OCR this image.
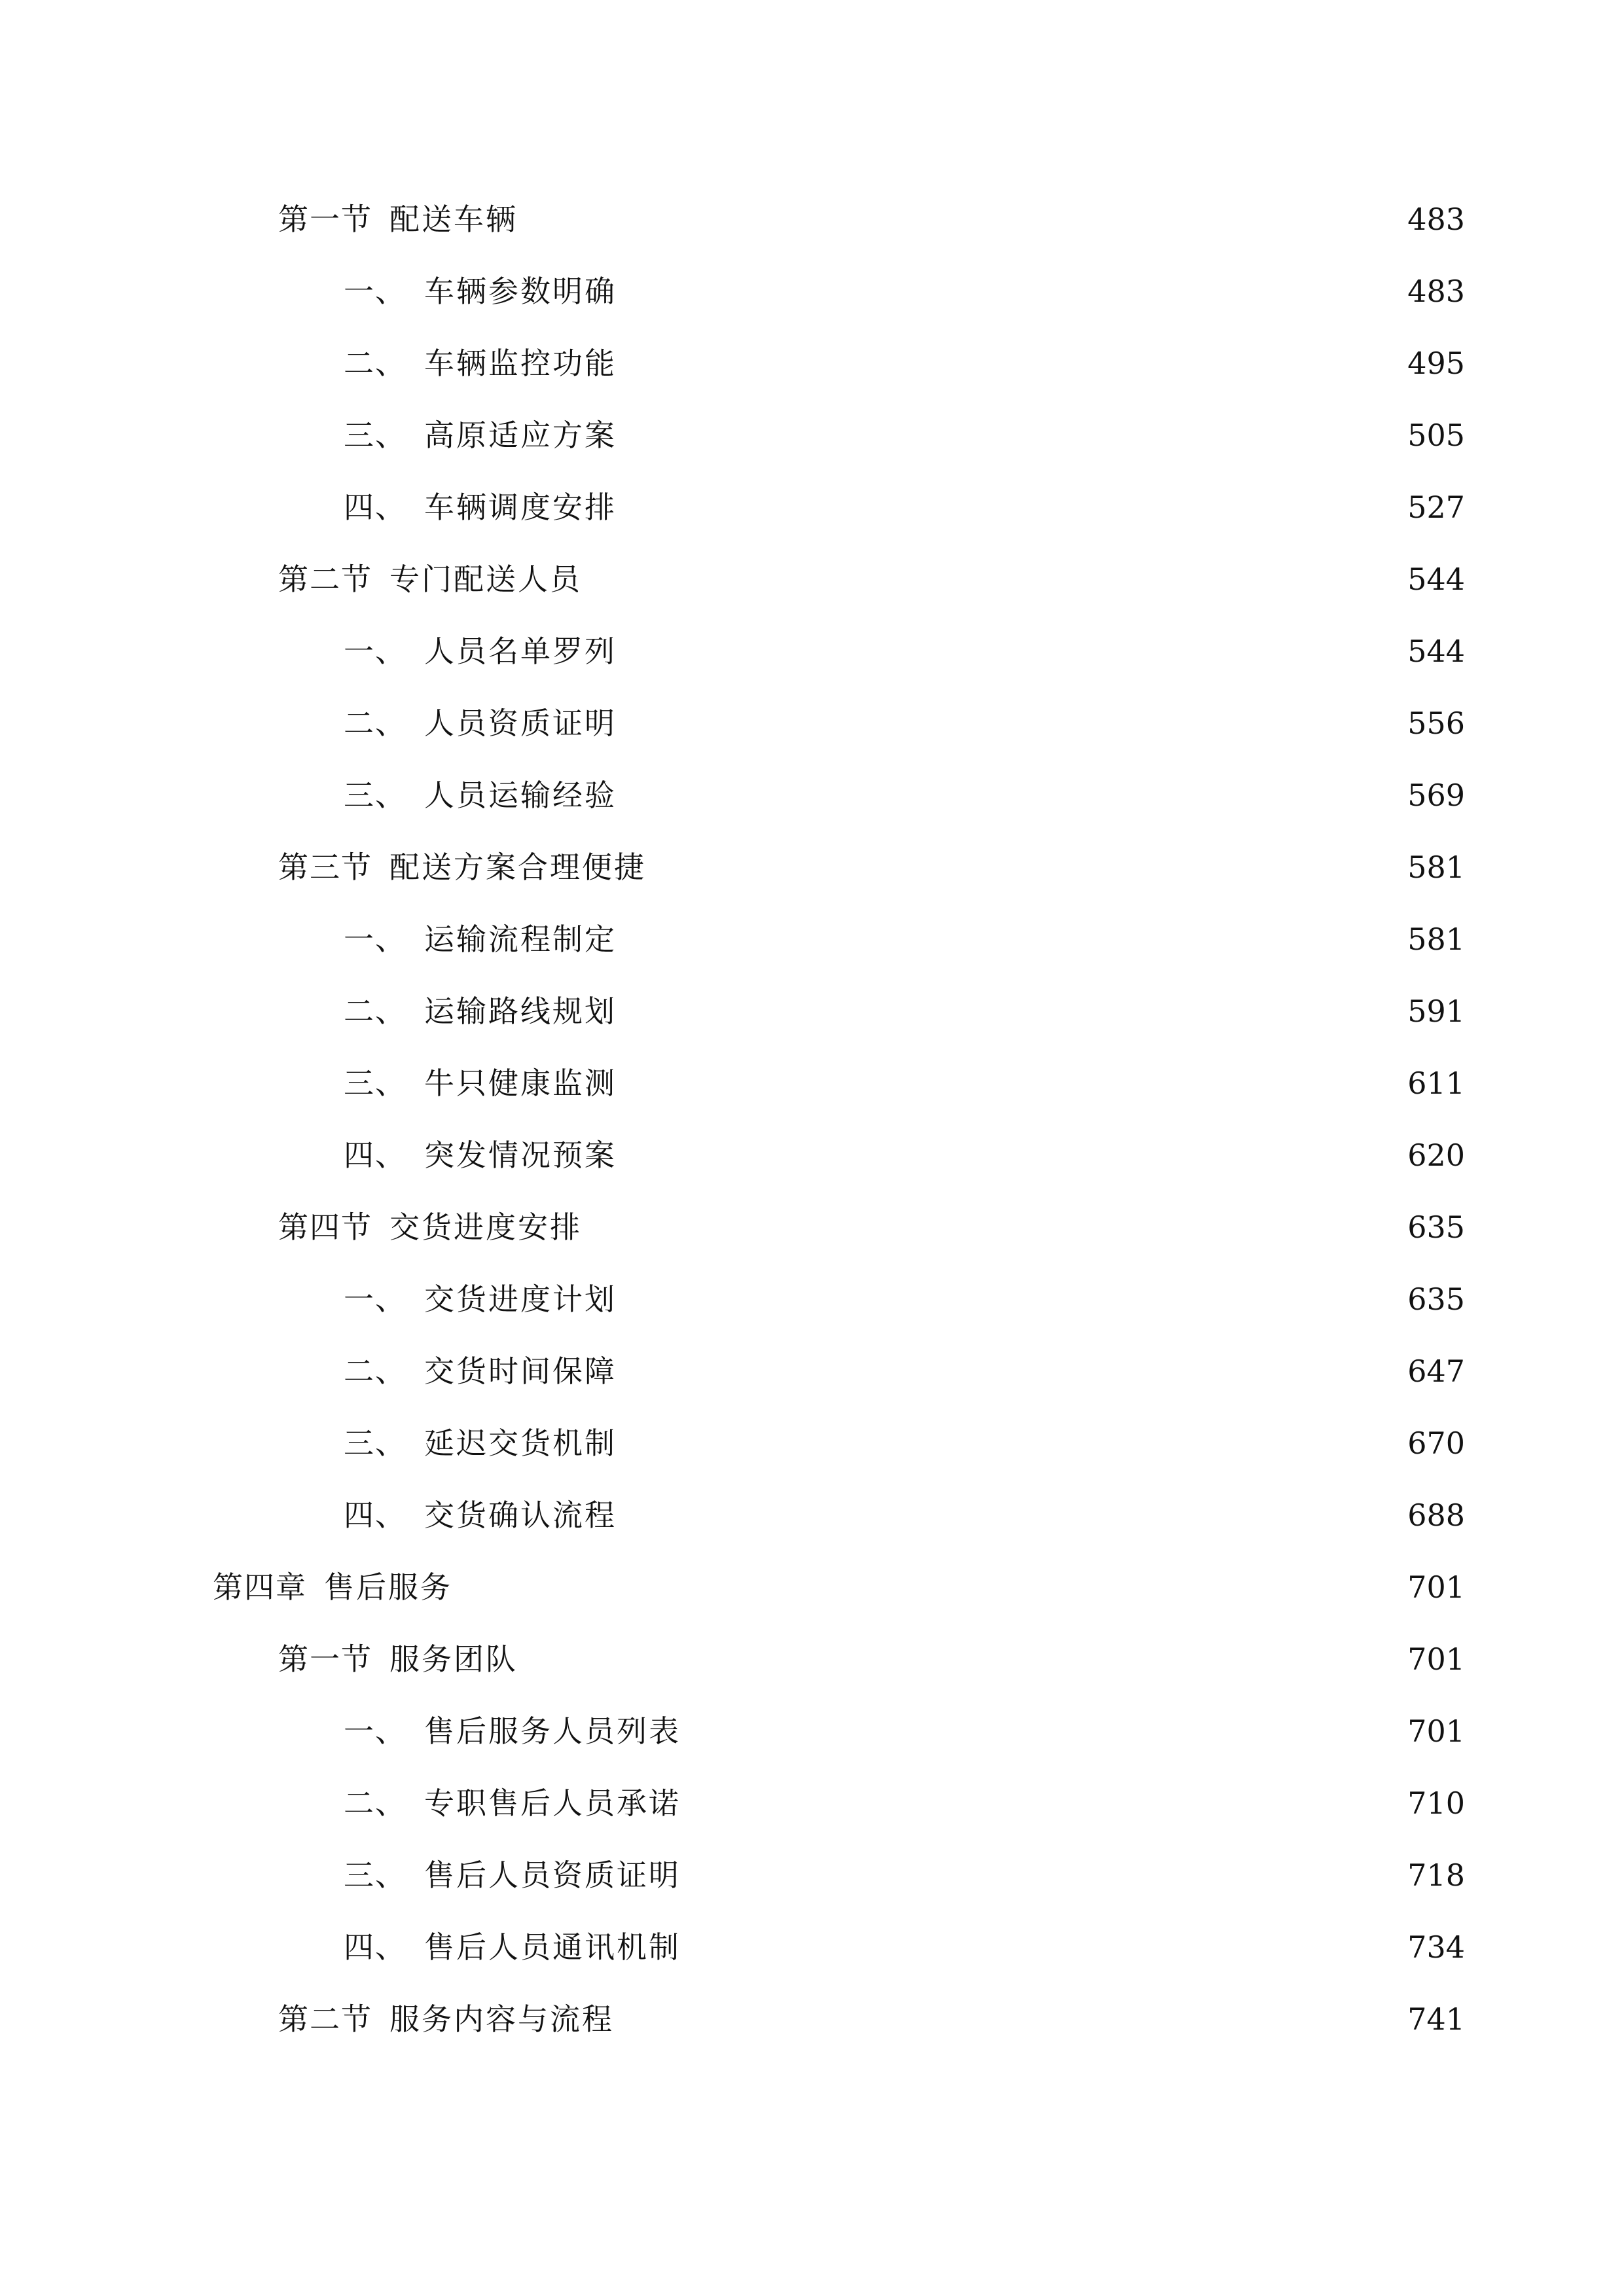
第一节 配送车辆	483
一、 车辆参数明确	483
二、 车辆监控功能	495
三、 高原适应方案	505
四、 车辆调度安排	527
第二节 专门配送人员	544
一、 人员名单罗列	544
二、 人员资质证明	556
三、 人员运输经验	569
第三节 配送方案合理便捷	581
一、 运输流程制定	581
二、 运输路线规划	591
三、 牛只健康监测	611
四、 突发情况预案	620
第四节 交货进度安排	635
一、 交货进度计划	635
二、 交货时间保障	647
三、 延迟交货机制	670
四、 交货确认流程	688
第四章 售后服务	701
第一节 服务团队	701
一、 售后服务人员列表	701
二、 专职售后人员承诺	710
三、 售后人员资质证明	718
四、 售后人员通讯机制	734
第二节 服务内容与流程	741
